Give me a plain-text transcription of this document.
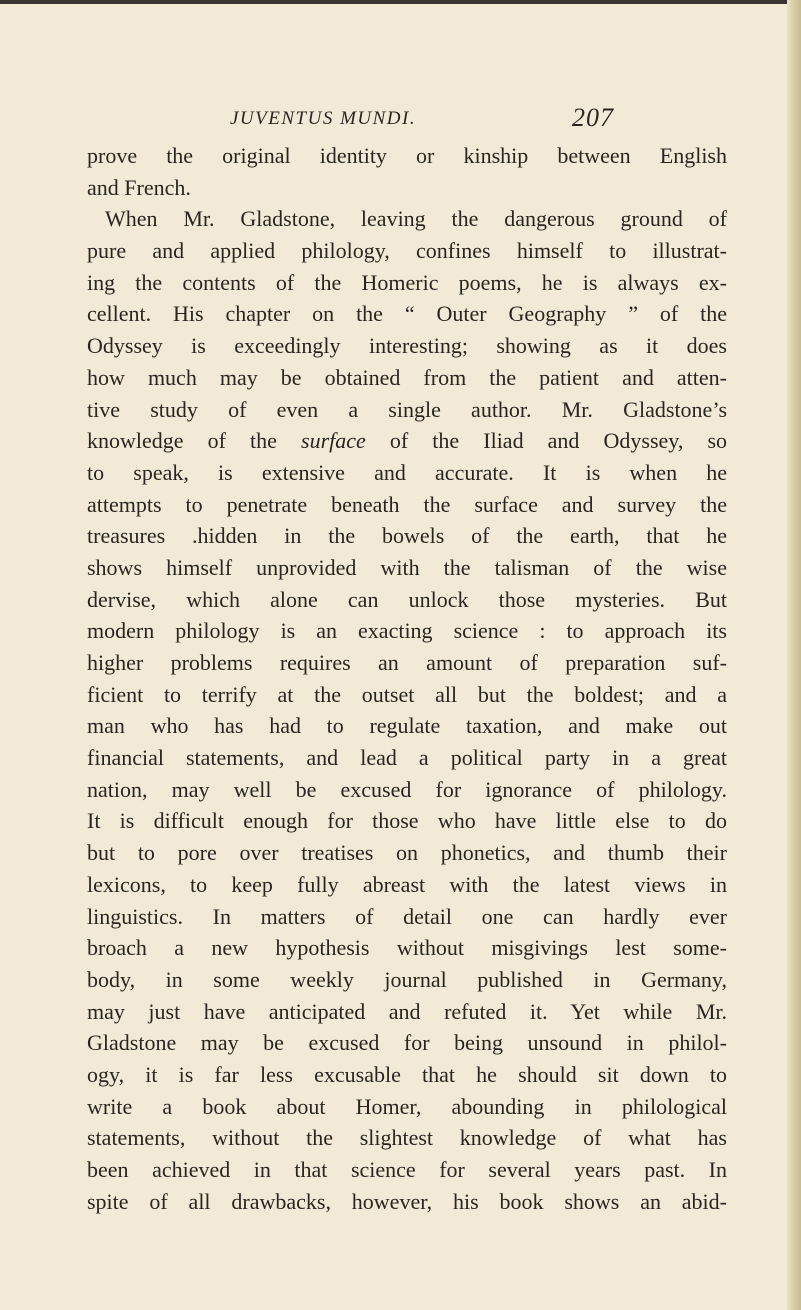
JUVENTUS MUNDI.	207
prove the original identity or kinship between English
and French.
When Mr. Gladstone, leaving the dangerous ground of
pure and applied philology, confines himself to illustrat-
ing the contents of the Homeric poems, he is always ex-
cellent. His chapter on the “ Outer Geography ” of the
Odyssey is exceedingly interesting; showing as it does
how much may be obtained from the patient and atten-
tive study of even a single author. Mr. Gladstone’s
knowledge of the surface of the Iliad and Odyssey, so
to speak, is extensive and accurate. It is when he
attempts to penetrate beneath the surface and survey the
treasures .hidden in the bowels of the earth, that he
shows himself unprovided with the talisman of the wise
dervise, which alone can unlock those mysteries. But
modern philology is an exacting science : to approach its
higher problems requires an amount of preparation suf-
ficient to terrify at the outset all but the boldest; and a
man who has had to regulate taxation, and make out
financial statements, and lead a political party in a great
nation, may well be excused for ignorance of philology.
It is difficult enough for those who have little else to do
but to pore over treatises on phonetics, and thumb their
lexicons, to keep fully abreast with the latest views in
linguistics. In matters of detail one can hardly ever
broach a new hypothesis without misgivings lest some-
body, in some weekly journal published in Germany,
may just have anticipated and refuted it. Yet while Mr.
Gladstone may be excused for being unsound in philol-
ogy, it is far less excusable that he should sit down to
write a book about Homer, abounding in philological
statements, without the slightest knowledge of what has
been achieved in that science for several years past. In
spite of all drawbacks, however, his book shows an abid-
